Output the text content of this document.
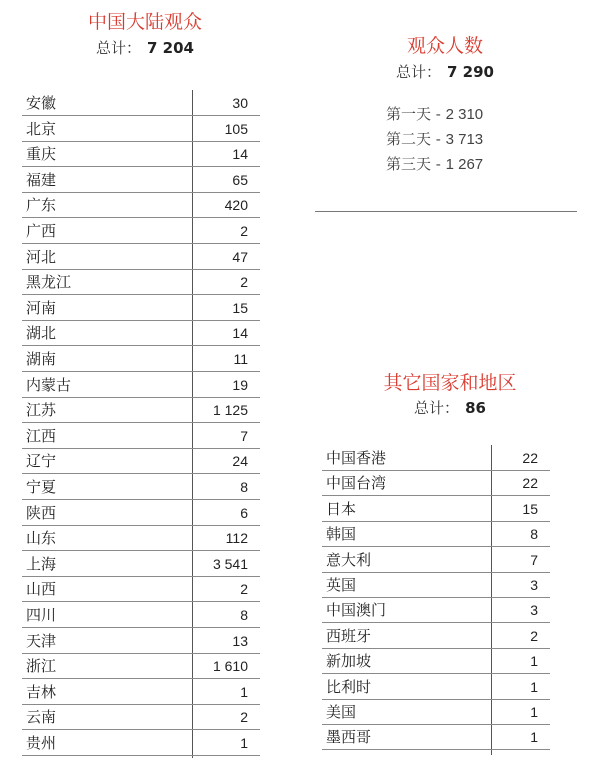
中国大陆观众
总计： 7 204
安徽	30
北京	105
重庆	14
福建	65
广东	420
广西	2
河北	47
黑龙江	2
河南	15
湖北	14
湖南	11
内蒙古	19
江苏	1 125
江西	7
辽宁	24
宁夏	8
陕西	6
山东	112
上海	3 541
山西	2
四川	8
天津	13
浙江	1 610
吉林	1
云南	2
贵州	1
观众人数
总计： 7 290
第一天 - 2 310
第二天 - 3 713
第三天 - 1 267
其它国家和地区
总计： 86
中国香港	22
中国台湾	22
日本	15
韩国	8
意大利	7
英国	3
中国澳门	3
西班牙	2
新加坡	1
比利时	1
美国	1
墨西哥	1
